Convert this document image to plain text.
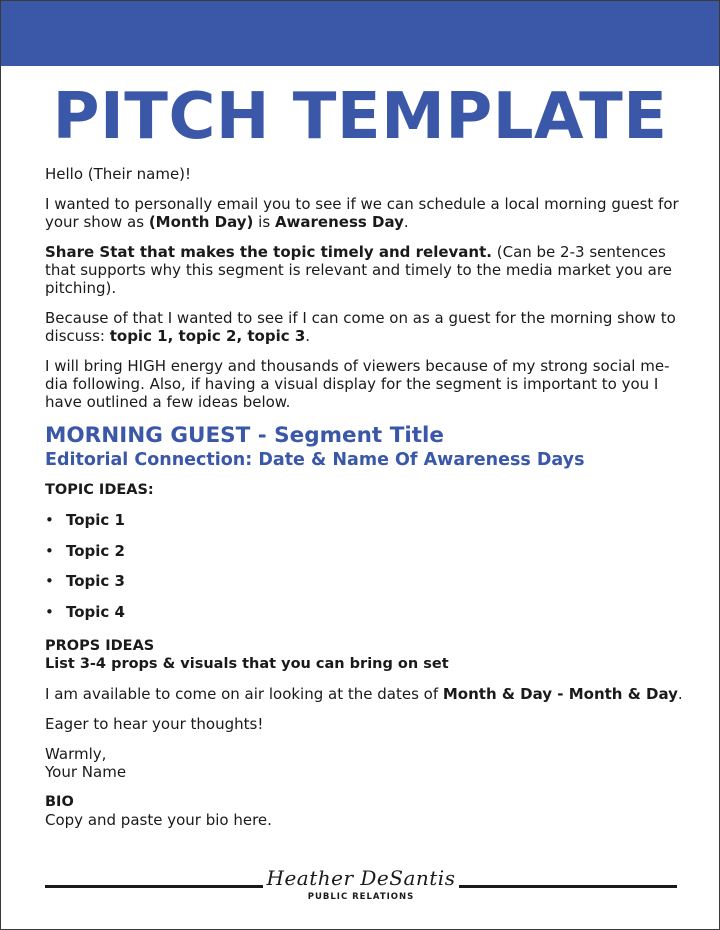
PITCH TEMPLATE

Hello (Their name)!

I wanted to personally email you to see if we can schedule a local morning guest for your show as (Month Day) is Awareness Day.

Share Stat that makes the topic timely and relevant. (Can be 2-3 sentences that supports why this segment is relevant and timely to the media market you are pitching).

Because of that I wanted to see if I can come on as a guest for the morning show to discuss: topic 1, topic 2, topic 3.

I will bring HIGH energy and thousands of viewers because of my strong social media following. Also, if having a visual display for the segment is important to you I have outlined a few ideas below.

MORNING GUEST - Segment Title
Editorial Connection: Date & Name Of Awareness Days
TOPIC IDEAS:
• Topic 1
• Topic 2
• Topic 3
• Topic 4
PROPS IDEAS
List 3-4 props & visuals that you can bring on set

I am available to come on air looking at the dates of Month & Day - Month & Day.

Eager to hear your thoughts!

Warmly,
Your Name
BIO
Copy and paste your bio here.
Heather DeSantis
PUBLIC RELATIONS
